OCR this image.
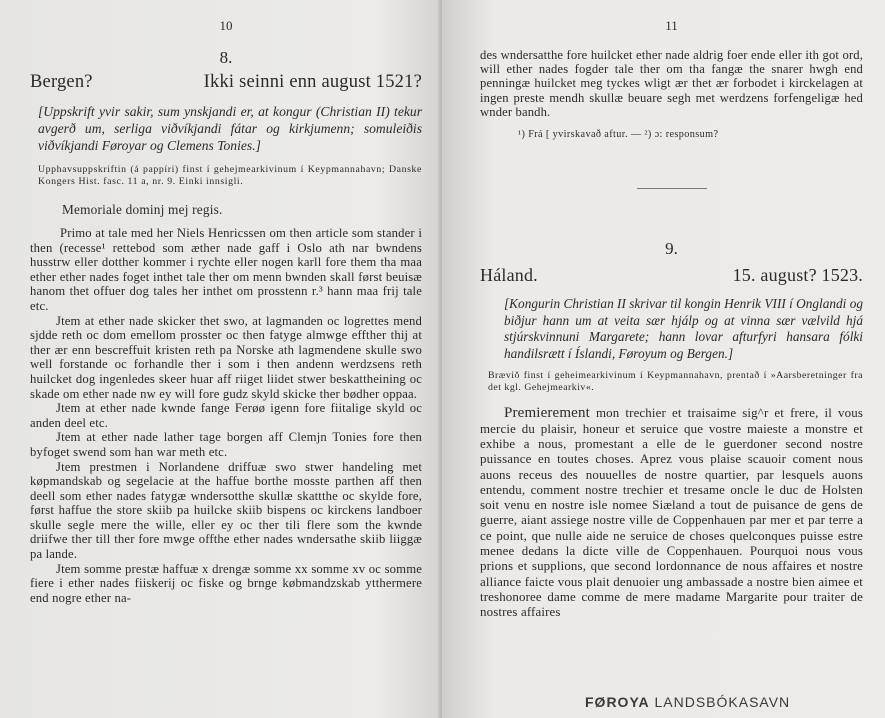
10
8.
Bergen?	Ikki seinni enn august 1521?
[Uppskrift yvir sakir, sum ynskjandi er, at kongur (Christian II) tekur avgerð um, serliga viðvíkjandi fátar og kirkjumenn; somuleiðis viðvíkjandi Føroyar og Clemens Tonies.]
Upphavsuppskriftin (á pappíri) finst í gehejmearkivinum í Keypmannahavn; Danske Kongers Hist. fasc. 11 a, nr. 9. Einki innsigli.
Memoriale dominj mej regis.

Primo at tale med her Niels Henricssen om then article som stander i then (recesse¹ rettebod som æther nade gaff i Oslo ath nar bwndens husstrw eller dotther kommer i rychte eller nogen karll fore them tha maa ether ether nades foget inthet tale ther om menn bwnden skall først beuisæ hanom thet offuer dog tales her inthet om prosstenn r.³ hann maa frij tale etc.

Jtem at ether nade skicker thet swo, at lagmanden oc logrettes mend sjdde reth oc dom emellom prosster oc then fatyge almwge effther thij at ther ær enn bescreffuit kristen reth pa Norske ath lagmendene skulle swo well forstande oc forhandle ther i som i then andenn werdzsens reth huilcket dog ingenledes skeer huar aff riiget liidet stwer beskattheining oc skade om ether nade nw ey will fore gudz skyld skicke ther bødher oppaa.

Jtem at ether nade kwnde fange Ferøø igenn fore fiitalige skyld oc anden deel etc.

Jtem at ether nade lather tage borgen aff Clemjn Tonies fore then byfoget swend som han war meth etc.

Jtem prestmen i Norlandene driffuæ swo stwer handeling met køpmandskab og segelacie at the haffue borthe mosste parthen aff then deell som ether nades fatygæ wndersotthe skullæ skattthe oc skylde fore, først haffue the store skiib pa huilcke skiib bispens oc kirckens landboer skulle segle mere the wille, eller ey oc ther tili flere som the kwnde driifwe ther till ther fore mwge offthe ether nades wndersathe skiib liiggæ pa lande.

Jtem somme prestæ haffuæ x drengæ somme xx somme xv oc somme fiere i ether nades fiiskerij oc fiske og brnge købmandzskab ytthermere end nogre ether na-

11
des wndersatthe fore huilcket ether nade aldrig foer ende eller ith got ord, will ether nades fogder tale ther om tha fangæ the snarer hwgh end penningæ huilcket meg tyckes wligt ær thet ær forbodet i kirckelagen at ingen preste mendh skullæ beuare segh met werdzens forfengeligæ hed wnder bandh.
¹) Frá [ yvirskavað aftur. — ²) ɔ: responsum?
9.
Háland.	15. august? 1523.
[Kongurin Christian II skrivar til kongin Henrik VIII í Onglandi og biðjur hann um at veita sær hjálp og at vinna sær vælvild hjá stjúrskvinnuni Margarete; hann lovar afturfyri hansara fólki handilsrætt í Íslandi, Føroyum og Bergen.]
Bræviǒ finst í geheimearkivinum í Keypmannahavn, prentað í »Aarsberetninger fra det kgl. Gehejmearkiv«.
Premierement mon trechier et traisaime sig^r et frere, il vous mercie du plaisir, honeur et seruice que vostre maieste a monstre et exhibe a nous, promestant a elle de le guerdoner second nostre puissance en toutes choses. Aprez vous plaise scauoir coment nous auons receus des nouuelles de nostre quartier, par lesquels auons entendu, comment nostre trechier et tresame oncle le duc de Holsten soit venu en nostre isle nomee Siæland a tout de puisance de gens de guerre, aiant assiege nostre ville de Coppenhauen par mer et par terre a ce point, que nulle aide ne seruice de choses quelconques puisse estre menee dedans la dicte ville de Coppenhauen. Pourquoi nous vous prions et supplions, que second lordonnance de nous affaires et nostre alliance faicte vous plait denuoier ung ambassade a nostre bien aimee et treshonoree dame comme de mere madame Margarite pour traiter de nostres affaires
FØROYA LANDSBÓKASAVN
